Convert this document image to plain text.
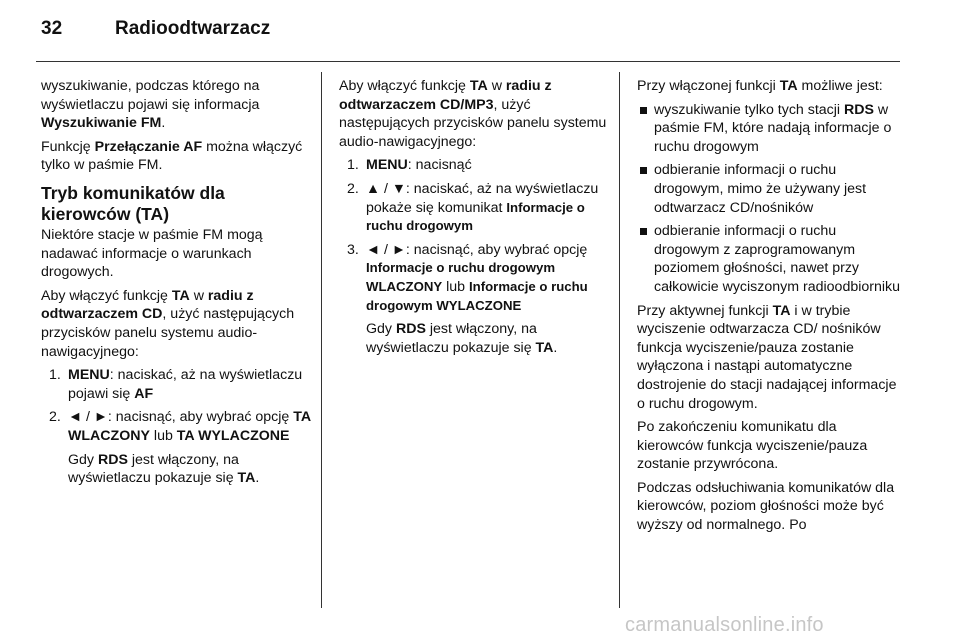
32	Radioodtwarzacz

wyszukiwanie, podczas którego na wyświetlaczu pojawi się informacja Wyszukiwanie FM.

Funkcję Przełączanie AF można włączyć tylko w paśmie FM.

Tryb komunikatów dla kierowców (TA)

Niektóre stacje w paśmie FM mogą nadawać informacje o warunkach drogowych.

Aby włączyć funkcję TA w radiu z odtwarzaczem CD, użyć następujących przycisków panelu systemu audio-nawigacyjnego:

1. MENU: naciskać, aż na wyświetlaczu pojawi się AF
2. ◄ / ►: nacisnąć, aby wybrać opcję TA WLACZONY lub TA WYLACZONE
Gdy RDS jest włączony, na wyświetlaczu pokazuje się TA.

Aby włączyć funkcję TA w radiu z odtwarzaczem CD/MP3, użyć następujących przycisków panelu systemu audio-nawigacyjnego:

1. MENU: nacisnąć
2. ▲ / ▼: naciskać, aż na wyświetlaczu pokaże się komunikat Informacje o ruchu drogowym
3. ◄ / ►: nacisnąć, aby wybrać opcję Informacje o ruchu drogowym WLACZONY lub Informacje o ruchu drogowym WYLACZONE
Gdy RDS jest włączony, na wyświetlaczu pokazuje się TA.

Przy włączonej funkcji TA możliwe jest:

wyszukiwanie tylko tych stacji RDS w paśmie FM, które nadają informacje o ruchu drogowym
odbieranie informacji o ruchu drogowym, mimo że używany jest odtwarzacz CD/nośników
odbieranie informacji o ruchu drogowym z zaprogramowanym poziomem głośności, nawet przy całkowicie wyciszonym radioodbiorniku

Przy aktywnej funkcji TA i w trybie wyciszenie odtwarzacza CD/ nośników funkcja wyciszenie/pauza zostanie wyłączona i nastąpi automatyczne dostrojenie do stacji nadającej informacje o ruchu drogowym.

Po zakończeniu komunikatu dla kierowców funkcja wyciszenie/pauza zostanie przywrócona.

Podczas odsłuchiwania komunikatów dla kierowców, poziom głośności może być wyższy od normalnego. Po

carmanualsonline.info
